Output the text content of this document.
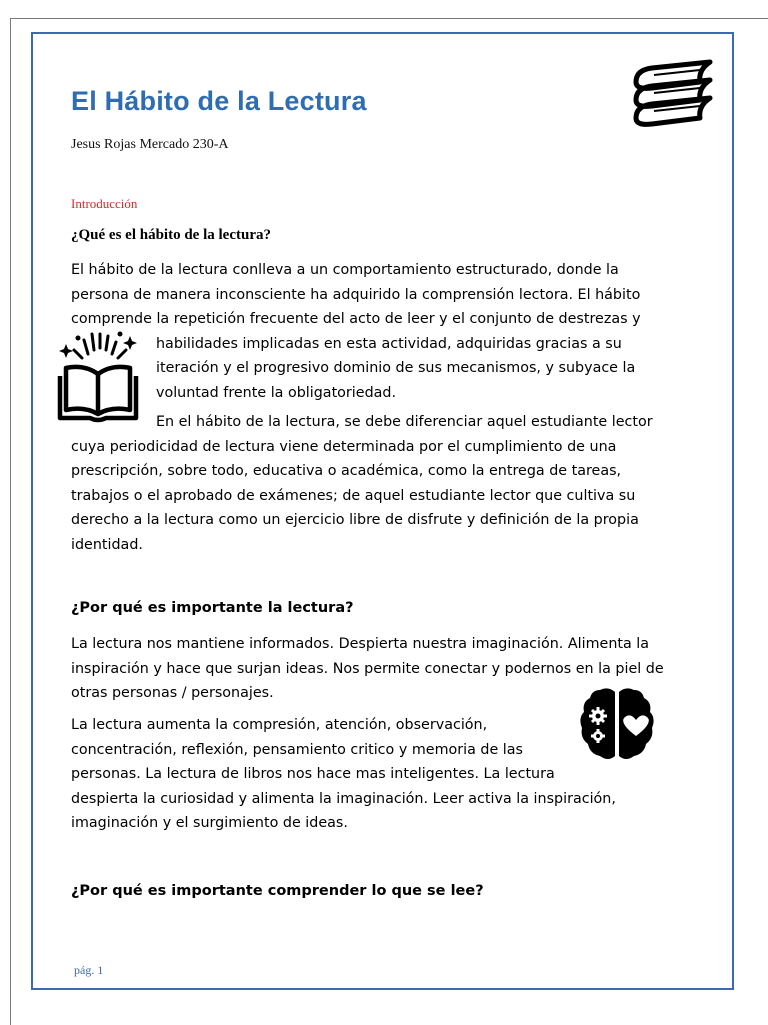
El Hábito de la Lectura
Jesus Rojas Mercado 230-A
Introducción
¿Qué es el hábito de la lectura?
El hábito de la lectura conlleva a un comportamiento estructurado, donde la
persona de manera inconsciente ha adquirido la comprensión lectora. El hábito
comprende la repetición frecuente del acto de leer y el conjunto de destrezas y
habilidades implicadas en esta actividad, adquiridas gracias a su
iteración y el progresivo dominio de sus mecanismos, y subyace la
voluntad frente la obligatoriedad.
En el hábito de la lectura, se debe diferenciar aquel estudiante lector
cuya periodicidad de lectura viene determinada por el cumplimiento de una
prescripción, sobre todo, educativa o académica, como la entrega de tareas,
trabajos o el aprobado de exámenes; de aquel estudiante lector que cultiva su
derecho a la lectura como un ejercicio libre de disfrute y definición de la propia
identidad.
¿Por qué es importante la lectura?
La lectura nos mantiene informados. Despierta nuestra imaginación. Alimenta la
inspiración y hace que surjan ideas. Nos permite conectar y podernos en la piel de
otras personas / personajes.
La lectura aumenta la compresión, atención, observación,
concentración, reflexión, pensamiento critico y memoria de las
personas. La lectura de libros nos hace mas inteligentes. La lectura
despierta la curiosidad y alimenta la imaginación. Leer activa la inspiración,
imaginación y el surgimiento de ideas.
¿Por qué es importante comprender lo que se lee?
pág. 1
